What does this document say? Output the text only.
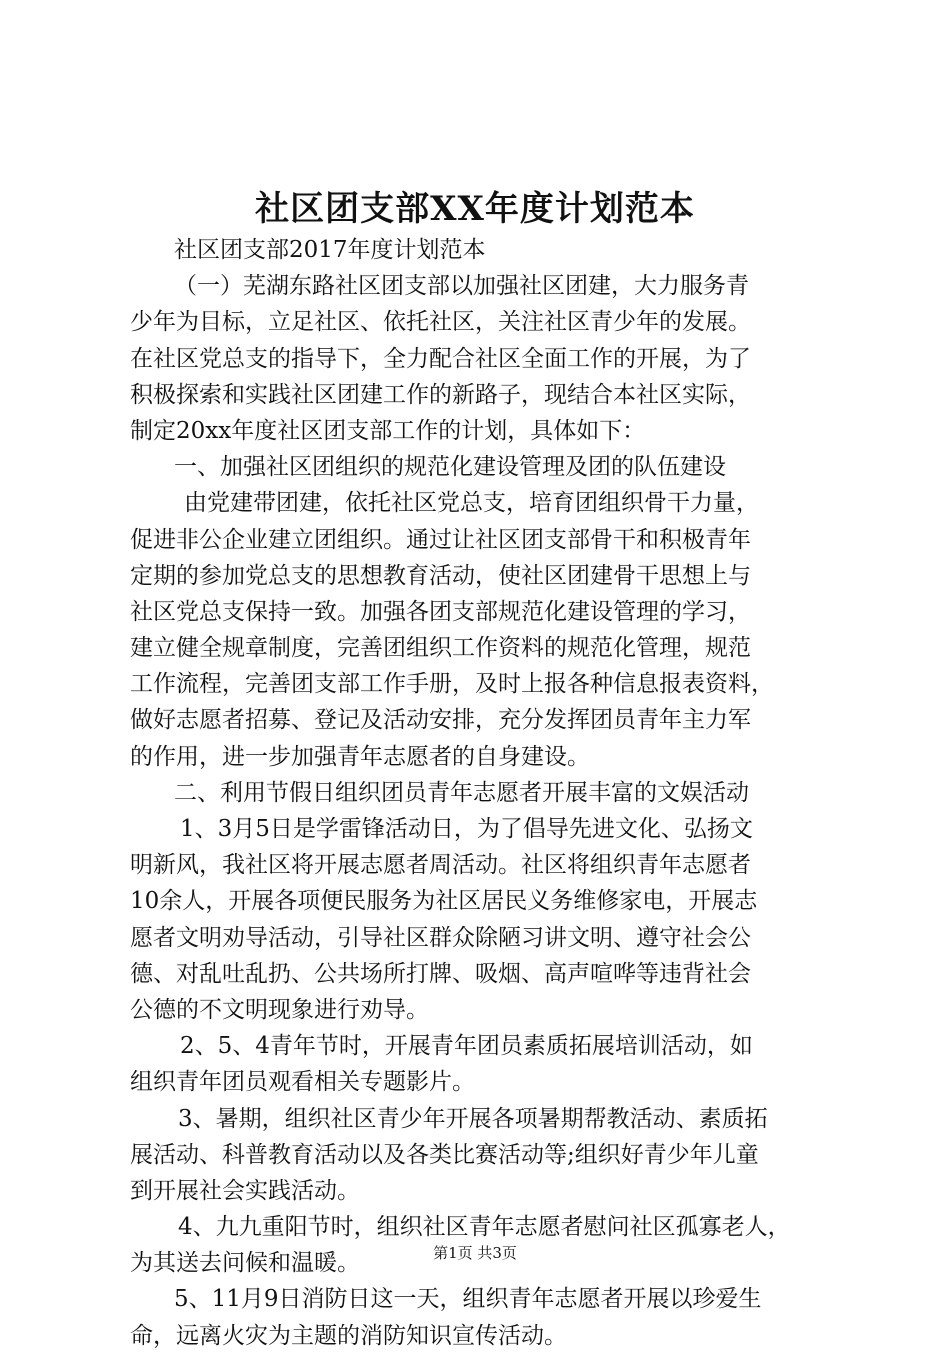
社区团支部XX年度计划范本
社区团支部2017年度计划范本
（一）芜湖东路社区团支部以加强社区团建，大力服务青
少年为目标，立足社区、依托社区，关注社区青少年的发展。
在社区党总支的指导下，全力配合社区全面工作的开展，为了
积极探索和实践社区团建工作的新路子，现结合本社区实际，
制定20xx年度社区团支部工作的计划，具体如下：
一、加强社区团组织的规范化建设管理及团的队伍建设
由党建带团建，依托社区党总支，培育团组织骨干力量，
促进非公企业建立团组织。通过让社区团支部骨干和积极青年
定期的参加党总支的思想教育活动，使社区团建骨干思想上与
社区党总支保持一致。加强各团支部规范化建设管理的学习，
建立健全规章制度，完善团组织工作资料的规范化管理，规范
工作流程，完善团支部工作手册，及时上报各种信息报表资料，
做好志愿者招募、登记及活动安排，充分发挥团员青年主力军
的作用，进一步加强青年志愿者的自身建设。
二、利用节假日组织团员青年志愿者开展丰富的文娱活动
1、3月5日是学雷锋活动日，为了倡导先进文化、弘扬文
明新风，我社区将开展志愿者周活动。社区将组织青年志愿者
10余人，开展各项便民服务为社区居民义务维修家电，开展志
愿者文明劝导活动，引导社区群众除陋习讲文明、遵守社会公
德、对乱吐乱扔、公共场所打牌、吸烟、高声喧哗等违背社会
公德的不文明现象进行劝导。
2、5、4青年节时，开展青年团员素质拓展培训活动，如
组织青年团员观看相关专题影片。
3、暑期，组织社区青少年开展各项暑期帮教活动、素质拓
展活动、科普教育活动以及各类比赛活动等;组织好青少年儿童
到开展社会实践活动。
4、九九重阳节时，组织社区青年志愿者慰问社区孤寡老人，
为其送去问候和温暖。
5、11月9日消防日这一天，组织青年志愿者开展以珍爱生
命，远离火灾为主题的消防知识宣传活动。
第1页 共3页
